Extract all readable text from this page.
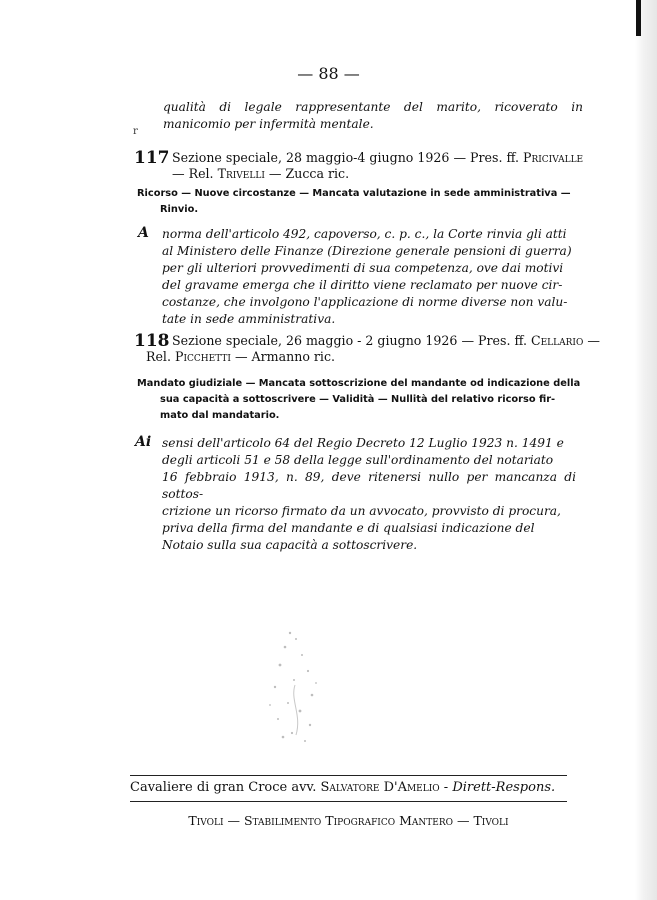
— 88 —
qualità di legale rappresentante del marito, ricoverato in manicomio per infermità mentale.
r
117 Sezione speciale, 28 maggio-4 giugno 1926 — Pres. ff. Pricivalle
— Rel. Trivelli — Zucca ric.
Ricorso — Nuove circostanze — Mancata valutazione in sede amministrativa —
Rinvio.
A norma dell'articolo 492, capoverso, c. p. c., la Corte rinvia gli atti
al Ministero delle Finanze (Direzione generale pensioni di guerra)
per gli ulteriori provvedimenti di sua competenza, ove dai motivi
del gravame emerga che il diritto viene reclamato per nuove cir-
costanze, che involgono l'applicazione di norme diverse non valu-
tate in sede amministrativa.
118 Sezione speciale, 26 maggio - 2 giugno 1926 — Pres. ff. Cellario —
Rel. Picchetti — Armanno ric.
Mandato giudiziale — Mancata sottoscrizione del mandante od indicazione della
sua capacità a sottoscrivere — Validità — Nullità del relativo ricorso fir-
mato dal mandatario.
Ai sensi dell'articolo 64 del Regio Decreto 12 Luglio 1923 n. 1491 e
degli articoli 51 e 58 della legge sull'ordinamento del notariato
16 febbraio 1913, n. 89, deve ritenersi nullo per mancanza di sottos-
crizione un ricorso firmato da un avvocato, provvisto di procura,
priva della firma del mandante e di qualsiasi indicazione del
Notaio sulla sua capacità a sottoscrivere.
Cavaliere di gran Croce avv. Salvatore D'Amelio - Dirett-Respons.
Tivoli — Stabilimento Tipografico Mantero — Tivoli
